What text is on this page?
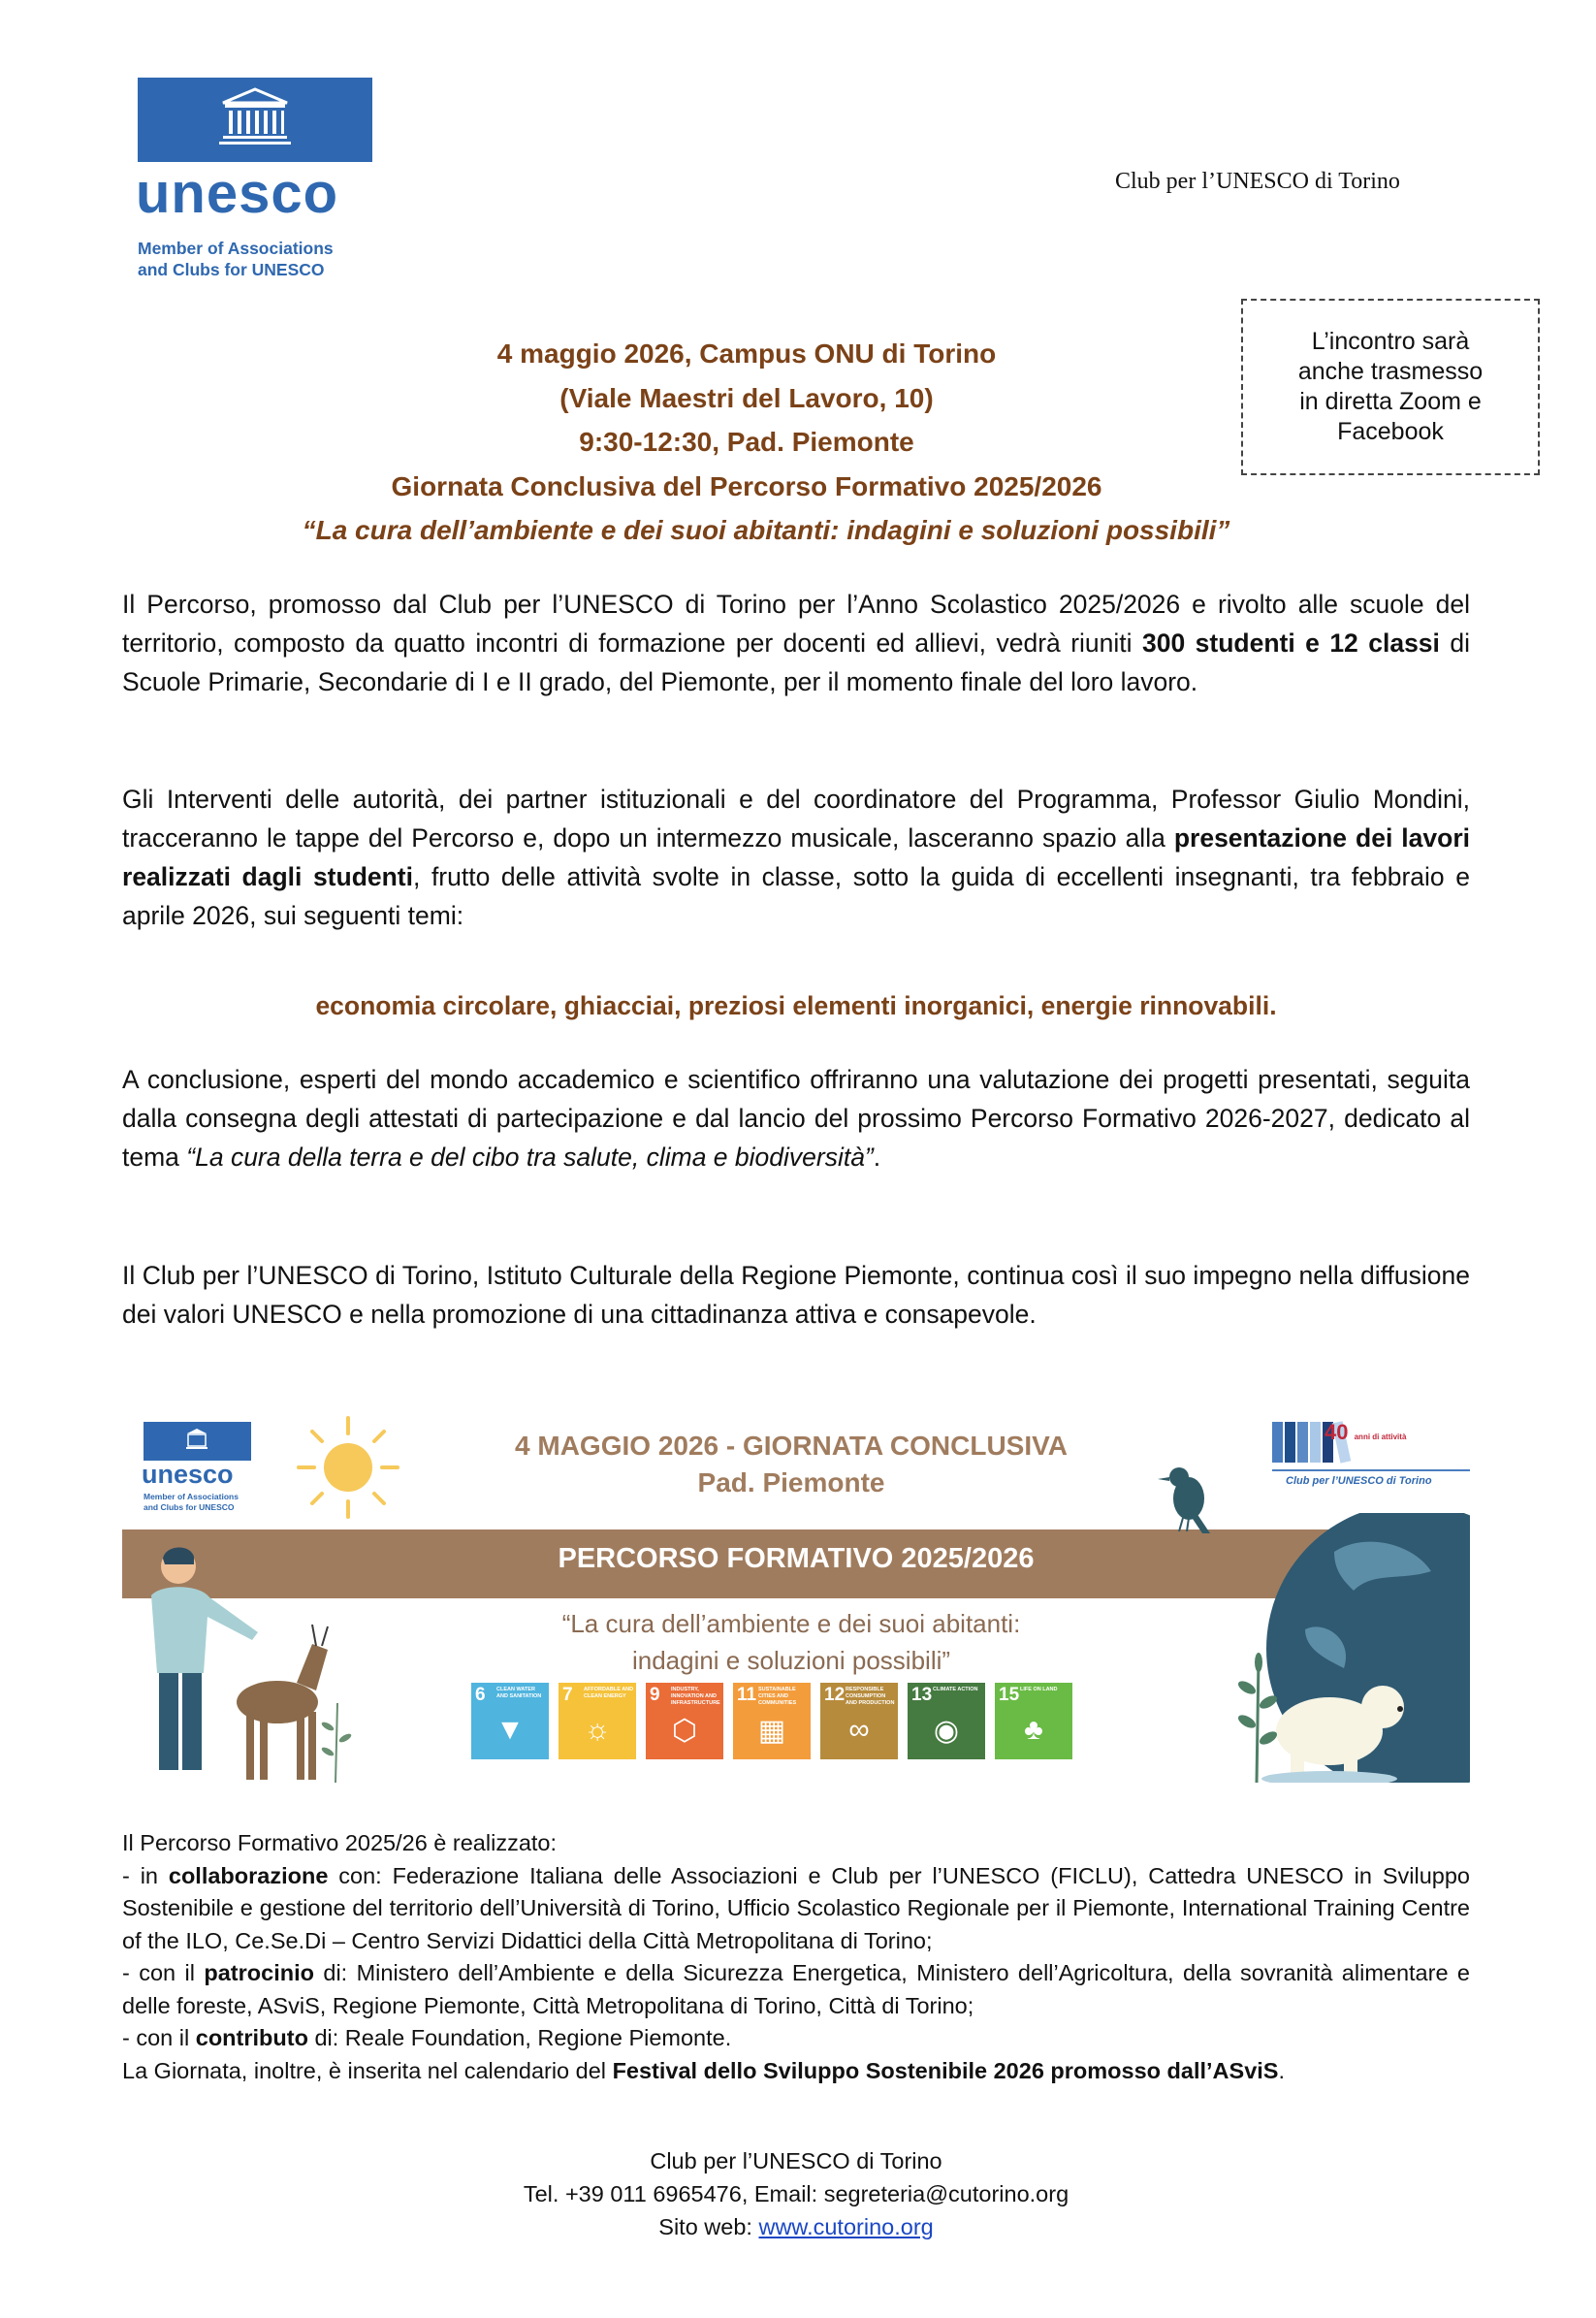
unesco
Member of Associations
and Clubs for UNESCO
Club per l’UNESCO di Torino
L’incontro sarà
anche trasmesso
in diretta Zoom e
Facebook
4 maggio 2026, Campus ONU di Torino
(Viale Maestri del Lavoro, 10)
9:30-12:30, Pad. Piemonte
Giornata Conclusiva del Percorso Formativo 2025/2026
“La cura dell’ambiente e dei suoi abitanti: indagini e soluzioni possibili”
Il Percorso, promosso dal Club per l’UNESCO di Torino per l’Anno Scolastico 2025/2026 e rivolto alle scuole del territorio, composto da quatto incontri di formazione per docenti ed allievi, vedrà riuniti 300 studenti e 12 classi di Scuole Primarie, Secondarie di I e II grado, del Piemonte, per il momento finale del loro lavoro.
Gli Interventi delle autorità, dei partner istituzionali e del coordinatore del Programma, Professor Giulio Mondini, tracceranno le tappe del Percorso e, dopo un intermezzo musicale, lasceranno spazio alla presentazione dei lavori realizzati dagli studenti, frutto delle attività svolte in classe, sotto la guida di eccellenti insegnanti, tra febbraio e aprile 2026, sui seguenti temi:
economia circolare, ghiacciai, preziosi elementi inorganici, energie rinnovabili.
A conclusione, esperti del mondo accademico e scientifico offriranno una valutazione dei progetti presentati, seguita dalla consegna degli attestati di partecipazione e dal lancio del prossimo Percorso Formativo 2026-2027, dedicato al tema “La cura della terra e del cibo tra salute, clima e biodiversità”.
Il Club per l’UNESCO di Torino, Istituto Culturale della Regione Piemonte, continua così il suo impegno nella diffusione dei valori UNESCO e nella promozione di una cittadinanza attiva e consapevole.
unesco
Member of Associations
and Clubs for UNESCO
4 MAGGIO 2026 - GIORNATA CONCLUSIVA
Pad. Piemonte
40 anni di attività
Club per l’UNESCO di Torino
PERCORSO FORMATIVO 2025/2026
“La cura dell’ambiente e dei suoi abitanti:
indagini e soluzioni possibili”
6 CLEAN WATER AND SANITATION
▼
7 AFFORDABLE AND CLEAN ENERGY
☼
9 INDUSTRY, INNOVATION AND INFRASTRUCTURE
⬡
11 SUSTAINABLE CITIES AND COMMUNITIES
▦
12 RESPONSIBLE CONSUMPTION AND PRODUCTION
∞
13 CLIMATE ACTION
◉
15 LIFE ON LAND
♣
Il Percorso Formativo 2025/26 è realizzato:
- in collaborazione con: Federazione Italiana delle Associazioni e Club per l’UNESCO (FICLU), Cattedra UNESCO in Sviluppo Sostenibile e gestione del territorio dell’Università di Torino, Ufficio Scolastico Regionale per il Piemonte, International Training Centre of the ILO, Ce.Se.Di – Centro Servizi Didattici della Città Metropolitana di Torino;
- con il patrocinio di: Ministero dell’Ambiente e della Sicurezza Energetica, Ministero dell’Agricoltura, della sovranità alimentare e delle foreste, ASviS, Regione Piemonte, Città Metropolitana di Torino, Città di Torino;
- con il contributo di: Reale Foundation, Regione Piemonte.
La Giornata, inoltre, è inserita nel calendario del Festival dello Sviluppo Sostenibile 2026 promosso dall’ASviS.
Club per l’UNESCO di Torino
Tel. +39 011 6965476, Email: segreteria@cutorino.org
Sito web: www.cutorino.org
